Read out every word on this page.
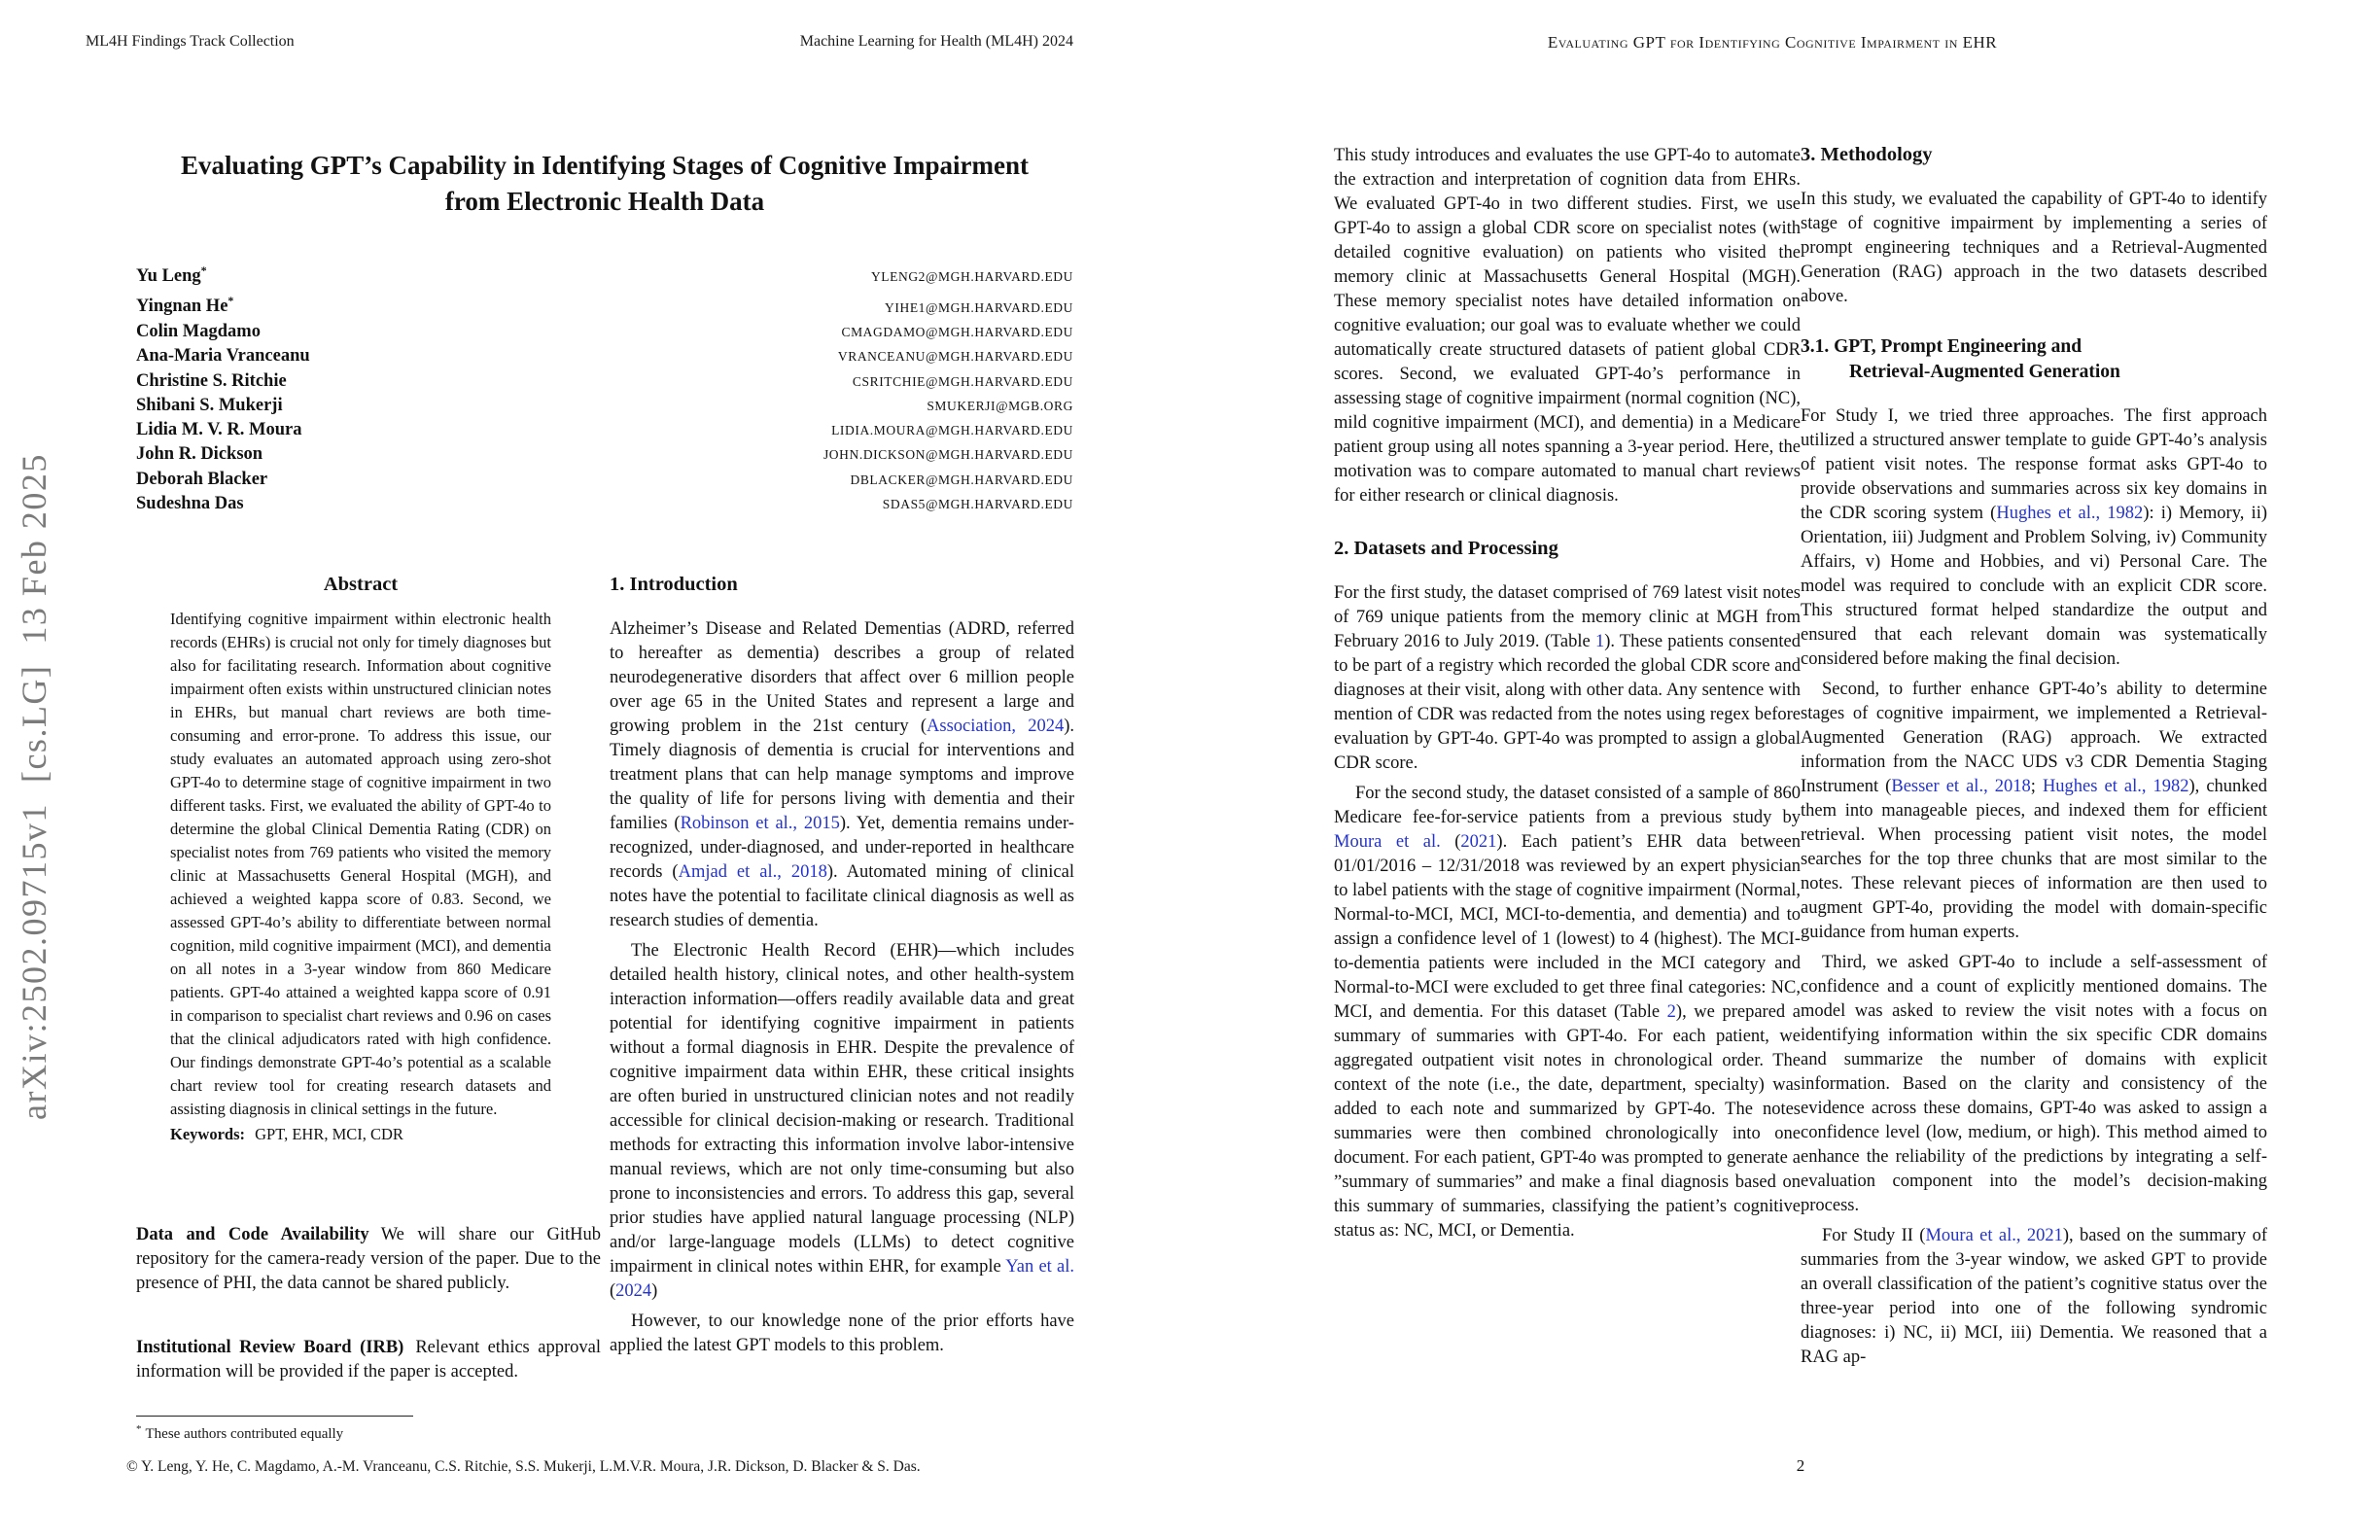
arXiv:2502.09715v1  [cs.LG]  13 Feb 2025
ML4H Findings Track Collection	Machine Learning for Health (ML4H) 2024	Evaluating GPT for Identifying Cognitive Impairment in EHR
Evaluating GPT’s Capability in Identifying Stages of Cognitive Impairment from Electronic Health Data
Yu Leng*	YLENG2@MGH.HARVARD.EDU
Yingnan He*	YIHE1@MGH.HARVARD.EDU
Colin Magdamo	CMAGDAMO@MGH.HARVARD.EDU
Ana-Maria Vranceanu	VRANCEANU@MGH.HARVARD.EDU
Christine S. Ritchie	CSRITCHIE@MGH.HARVARD.EDU
Shibani S. Mukerji	SMUKERJI@MGB.ORG
Lidia M. V. R. Moura	LIDIA.MOURA@MGH.HARVARD.EDU
John R. Dickson	JOHN.DICKSON@MGH.HARVARD.EDU
Deborah Blacker	DBLACKER@MGH.HARVARD.EDU
Sudeshna Das	SDAS5@MGH.HARVARD.EDU
Abstract

Identifying cognitive impairment within electronic health records (EHRs) is crucial not only for timely diagnoses but also for facilitating research. Information about cognitive impairment often exists within unstructured clinician notes in EHRs, but manual chart reviews are both time-consuming and error-prone. To address this issue, our study evaluates an automated approach using zero-shot GPT-4o to determine stage of cognitive impairment in two different tasks. First, we evaluated the ability of GPT-4o to determine the global Clinical Dementia Rating (CDR) on specialist notes from 769 patients who visited the memory clinic at Massachusetts General Hospital (MGH), and achieved a weighted kappa score of 0.83. Second, we assessed GPT-4o’s ability to differentiate between normal cognition, mild cognitive impairment (MCI), and dementia on all notes in a 3-year window from 860 Medicare patients. GPT-4o attained a weighted kappa score of 0.91 in comparison to specialist chart reviews and 0.96 on cases that the clinical adjudicators rated with high confidence. Our findings demonstrate GPT-4o’s potential as a scalable chart review tool for creating research datasets and assisting diagnosis in clinical settings in the future.

Keywords: GPT, EHR, MCI, CDR

Data and Code Availability We will share our GitHub repository for the camera-ready version of the paper. Due to the presence of PHI, the data cannot be shared publicly.

Institutional Review Board (IRB) Relevant ethics approval information will be provided if the paper is accepted.

* These authors contributed equally
1. Introduction

Alzheimer’s Disease and Related Dementias (ADRD, referred to hereafter as dementia) describes a group of related neurodegenerative disorders that affect over 6 million people over age 65 in the United States and represent a large and growing problem in the 21st century (Association, 2024). Timely diagnosis of dementia is crucial for interventions and treatment plans that can help manage symptoms and improve the quality of life for persons living with dementia and their families (Robinson et al., 2015). Yet, dementia remains under-recognized, under-diagnosed, and under-reported in healthcare records (Amjad et al., 2018). Automated mining of clinical notes have the potential to facilitate clinical diagnosis as well as research studies of dementia.

The Electronic Health Record (EHR)—which includes detailed health history, clinical notes, and other health-system interaction information—offers readily available data and great potential for identifying cognitive impairment in patients without a formal diagnosis in EHR. Despite the prevalence of cognitive impairment data within EHR, these critical insights are often buried in unstructured clinician notes and not readily accessible for clinical decision-making or research. Traditional methods for extracting this information involve labor-intensive manual reviews, which are not only time-consuming but also prone to inconsistencies and errors. To address this gap, several prior studies have applied natural language processing (NLP) and/or large-language models (LLMs) to detect cognitive impairment in clinical notes within EHR, for example Yan et al. (2024)

However, to our knowledge none of the prior efforts have applied the latest GPT models to this problem.

© Y. Leng, Y. He, C. Magdamo, A.-M. Vranceanu, C.S. Ritchie, S.S. Mukerji, L.M.V.R. Moura, J.R. Dickson, D. Blacker & S. Das.

This study introduces and evaluates the use GPT-4o to automate the extraction and interpretation of cognition data from EHRs. We evaluated GPT-4o in two different studies. First, we use GPT-4o to assign a global CDR score on specialist notes (with detailed cognitive evaluation) on patients who visited the memory clinic at Massachusetts General Hospital (MGH). These memory specialist notes have detailed information on cognitive evaluation; our goal was to evaluate whether we could automatically create structured datasets of patient global CDR scores. Second, we evaluated GPT-4o’s performance in assessing stage of cognitive impairment (normal cognition (NC), mild cognitive impairment (MCI), and dementia) in a Medicare patient group using all notes spanning a 3-year period. Here, the motivation was to compare automated to manual chart reviews for either research or clinical diagnosis.

2. Datasets and Processing

For the first study, the dataset comprised of 769 latest visit notes of 769 unique patients from the memory clinic at MGH from February 2016 to July 2019. (Table 1). These patients consented to be part of a registry which recorded the global CDR score and diagnoses at their visit, along with other data. Any sentence with mention of CDR was redacted from the notes using regex before evaluation by GPT-4o. GPT-4o was prompted to assign a global CDR score.

For the second study, the dataset consisted of a sample of 860 Medicare fee-for-service patients from a previous study by Moura et al. (2021). Each patient’s EHR data between 01/01/2016 – 12/31/2018 was reviewed by an expert physician to label patients with the stage of cognitive impairment (Normal, Normal-to-MCI, MCI, MCI-to-dementia, and dementia) and to assign a confidence level of 1 (lowest) to 4 (highest). The MCI-to-dementia patients were included in the MCI category and Normal-to-MCI were excluded to get three final categories: NC, MCI, and dementia. For this dataset (Table 2), we prepared a summary of summaries with GPT-4o. For each patient, we aggregated outpatient visit notes in chronological order. The context of the note (i.e., the date, department, specialty) was added to each note and summarized by GPT-4o. The notes summaries were then combined chronologically into one document. For each patient, GPT-4o was prompted to generate a ”summary of summaries” and make a final diagnosis based on this summary of summaries, classifying the patient’s cognitive status as: NC, MCI, or Dementia.

3. Methodology

In this study, we evaluated the capability of GPT-4o to identify stage of cognitive impairment by implementing a series of prompt engineering techniques and a Retrieval-Augmented Generation (RAG) approach in the two datasets described above.

3.1. GPT, Prompt Engineering and
Retrieval-Augmented Generation

For Study I, we tried three approaches. The first approach utilized a structured answer template to guide GPT-4o’s analysis of patient visit notes. The response format asks GPT-4o to provide observations and summaries across six key domains in the CDR scoring system (Hughes et al., 1982): i) Memory, ii) Orientation, iii) Judgment and Problem Solving, iv) Community Affairs, v) Home and Hobbies, and vi) Personal Care. The model was required to conclude with an explicit CDR score. This structured format helped standardize the output and ensured that each relevant domain was systematically considered before making the final decision.

Second, to further enhance GPT-4o’s ability to determine stages of cognitive impairment, we implemented a Retrieval-Augmented Generation (RAG) approach. We extracted information from the NACC UDS v3 CDR Dementia Staging Instrument (Besser et al., 2018; Hughes et al., 1982), chunked them into manageable pieces, and indexed them for efficient retrieval. When processing patient visit notes, the model searches for the top three chunks that are most similar to the notes. These relevant pieces of information are then used to augment GPT-4o, providing the model with domain-specific guidance from human experts.

Third, we asked GPT-4o to include a self-assessment of confidence and a count of explicitly mentioned domains. The model was asked to review the visit notes with a focus on identifying information within the six specific CDR domains and summarize the number of domains with explicit information. Based on the clarity and consistency of the evidence across these domains, GPT-4o was asked to assign a confidence level (low, medium, or high). This method aimed to enhance the reliability of the predictions by integrating a self-evaluation component into the model’s decision-making process.

For Study II (Moura et al., 2021), based on the summary of summaries from the 3-year window, we asked GPT to provide an overall classification of the patient’s cognitive status over the three-year period into one of the following syndromic diagnoses: i) NC, ii) MCI, iii) Dementia. We reasoned that a RAG ap-

2
